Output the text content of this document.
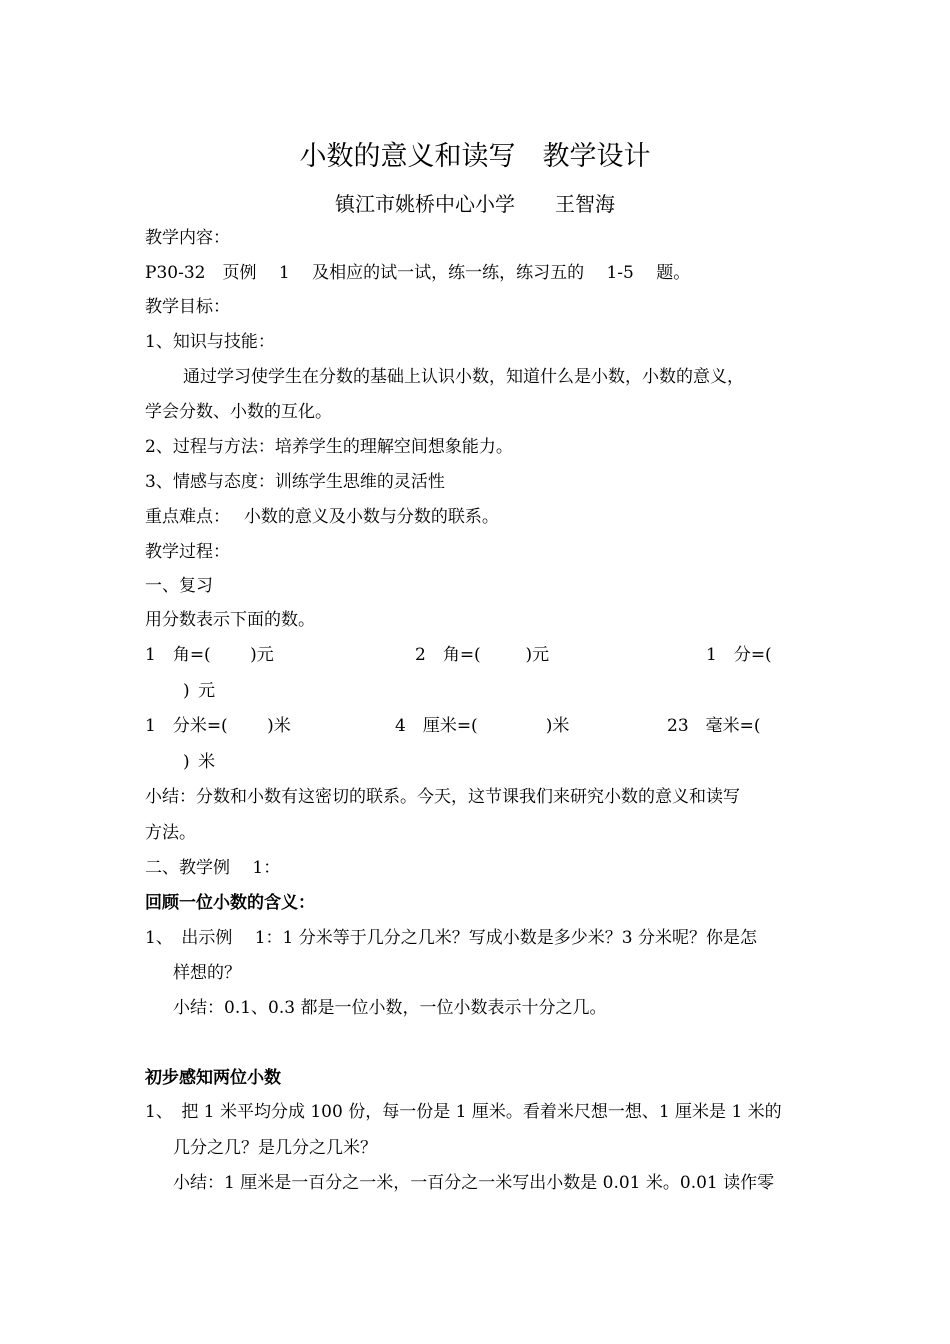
小数的意义和读写　教学设计
镇江市姚桥中心小学　　王智海
教学内容：
P30-32　页例　 1　 及相应的试一试，练一练，练习五的　 1-5　 题。
教学目标：
1、知识与技能：
通过学习使学生在分数的基础上认识小数，知道什么是小数，小数的意义，
学会分数、小数的互化。
2、过程与方法：培养学生的理解空间想象能力。
3、情感与态度：训练学生思维的灵活性
重点难点：　 小数的意义及小数与分数的联系。
教学过程：
一、复习
用分数表示下面的数。
1　角=(　 　)元	2　角=(　 　 )元	1　分=(
) 元
1　分米=(　 　)米	4　厘米=(　　　　)米	23　毫米=(
) 米
小结：分数和小数有这密切的联系。今天，这节课我们来研究小数的意义和读写
方法。
二、教学例　 1：
回顾一位小数的含义：
1、 出示例　 1：1 分米等于几分之几米？写成小数是多少米？3 分米呢？你是怎
样想的？
小结：0.1、0.3 都是一位小数，一位小数表示十分之几。
初步感知两位小数
1、 把 1 米平均分成 100 份，每一份是 1 厘米。看着米尺想一想、1 厘米是 1 米的
几分之几？是几分之几米？
小结：1 厘米是一百分之一米，一百分之一米写出小数是 0.01 米。0.01 读作零
